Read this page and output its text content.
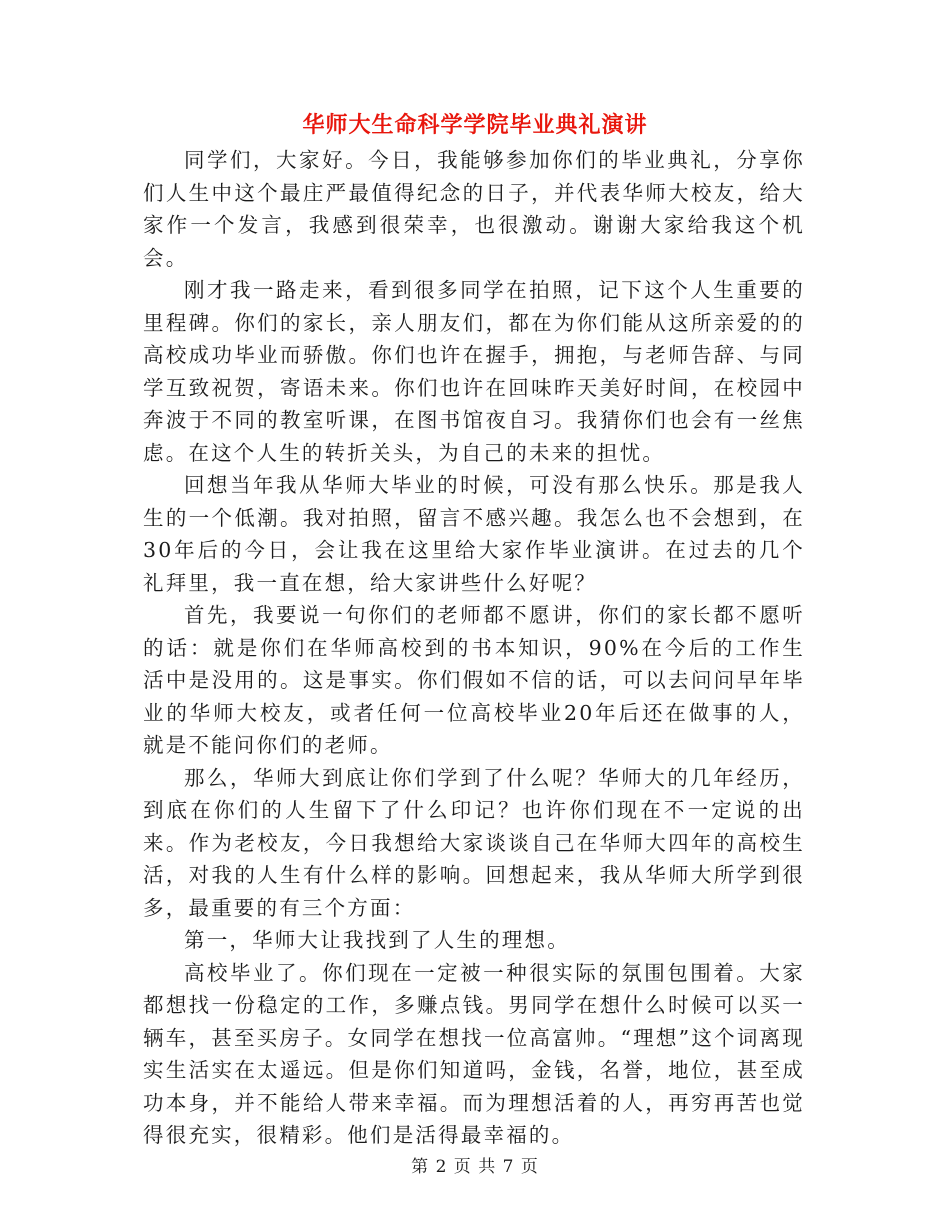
华师大生命科学学院毕业典礼演讲

同学们，大家好。今日，我能够参加你们的毕业典礼，分享你们人生中这个最庄严最值得纪念的日子，并代表华师大校友，给大家作一个发言，我感到很荣幸，也很激动。谢谢大家给我这个机会。

刚才我一路走来，看到很多同学在拍照，记下这个人生重要的里程碑。你们的家长，亲人朋友们，都在为你们能从这所亲爱的的高校成功毕业而骄傲。你们也许在握手，拥抱，与老师告辞、与同学互致祝贺，寄语未来。你们也许在回味昨天美好时间，在校园中奔波于不同的教室听课，在图书馆夜自习。我猜你们也会有一丝焦虑。在这个人生的转折关头，为自己的未来的担忧。

回想当年我从华师大毕业的时候，可没有那么快乐。那是我人生的一个低潮。我对拍照，留言不感兴趣。我怎么也不会想到，在30年后的今日，会让我在这里给大家作毕业演讲。在过去的几个礼拜里，我一直在想，给大家讲些什么好呢？

首先，我要说一句你们的老师都不愿讲，你们的家长都不愿听的话：就是你们在华师高校到的书本知识，90%在今后的工作生活中是没用的。这是事实。你们假如不信的话，可以去问问早年毕业的华师大校友，或者任何一位高校毕业20年后还在做事的人，就是不能问你们的老师。

那么，华师大到底让你们学到了什么呢？华师大的几年经历，到底在你们的人生留下了什么印记？也许你们现在不一定说的出来。作为老校友，今日我想给大家谈谈自己在华师大四年的高校生活，对我的人生有什么样的影响。回想起来，我从华师大所学到很多，最重要的有三个方面：

第一，华师大让我找到了人生的理想。

高校毕业了。你们现在一定被一种很实际的氛围包围着。大家都想找一份稳定的工作，多赚点钱。男同学在想什么时候可以买一辆车，甚至买房子。女同学在想找一位高富帅。“理想”这个词离现实生活实在太遥远。但是你们知道吗，金钱，名誉，地位，甚至成功本身，并不能给人带来幸福。而为理想活着的人，再穷再苦也觉得很充实，很精彩。他们是活得最幸福的。

第 2 页 共 7 页
